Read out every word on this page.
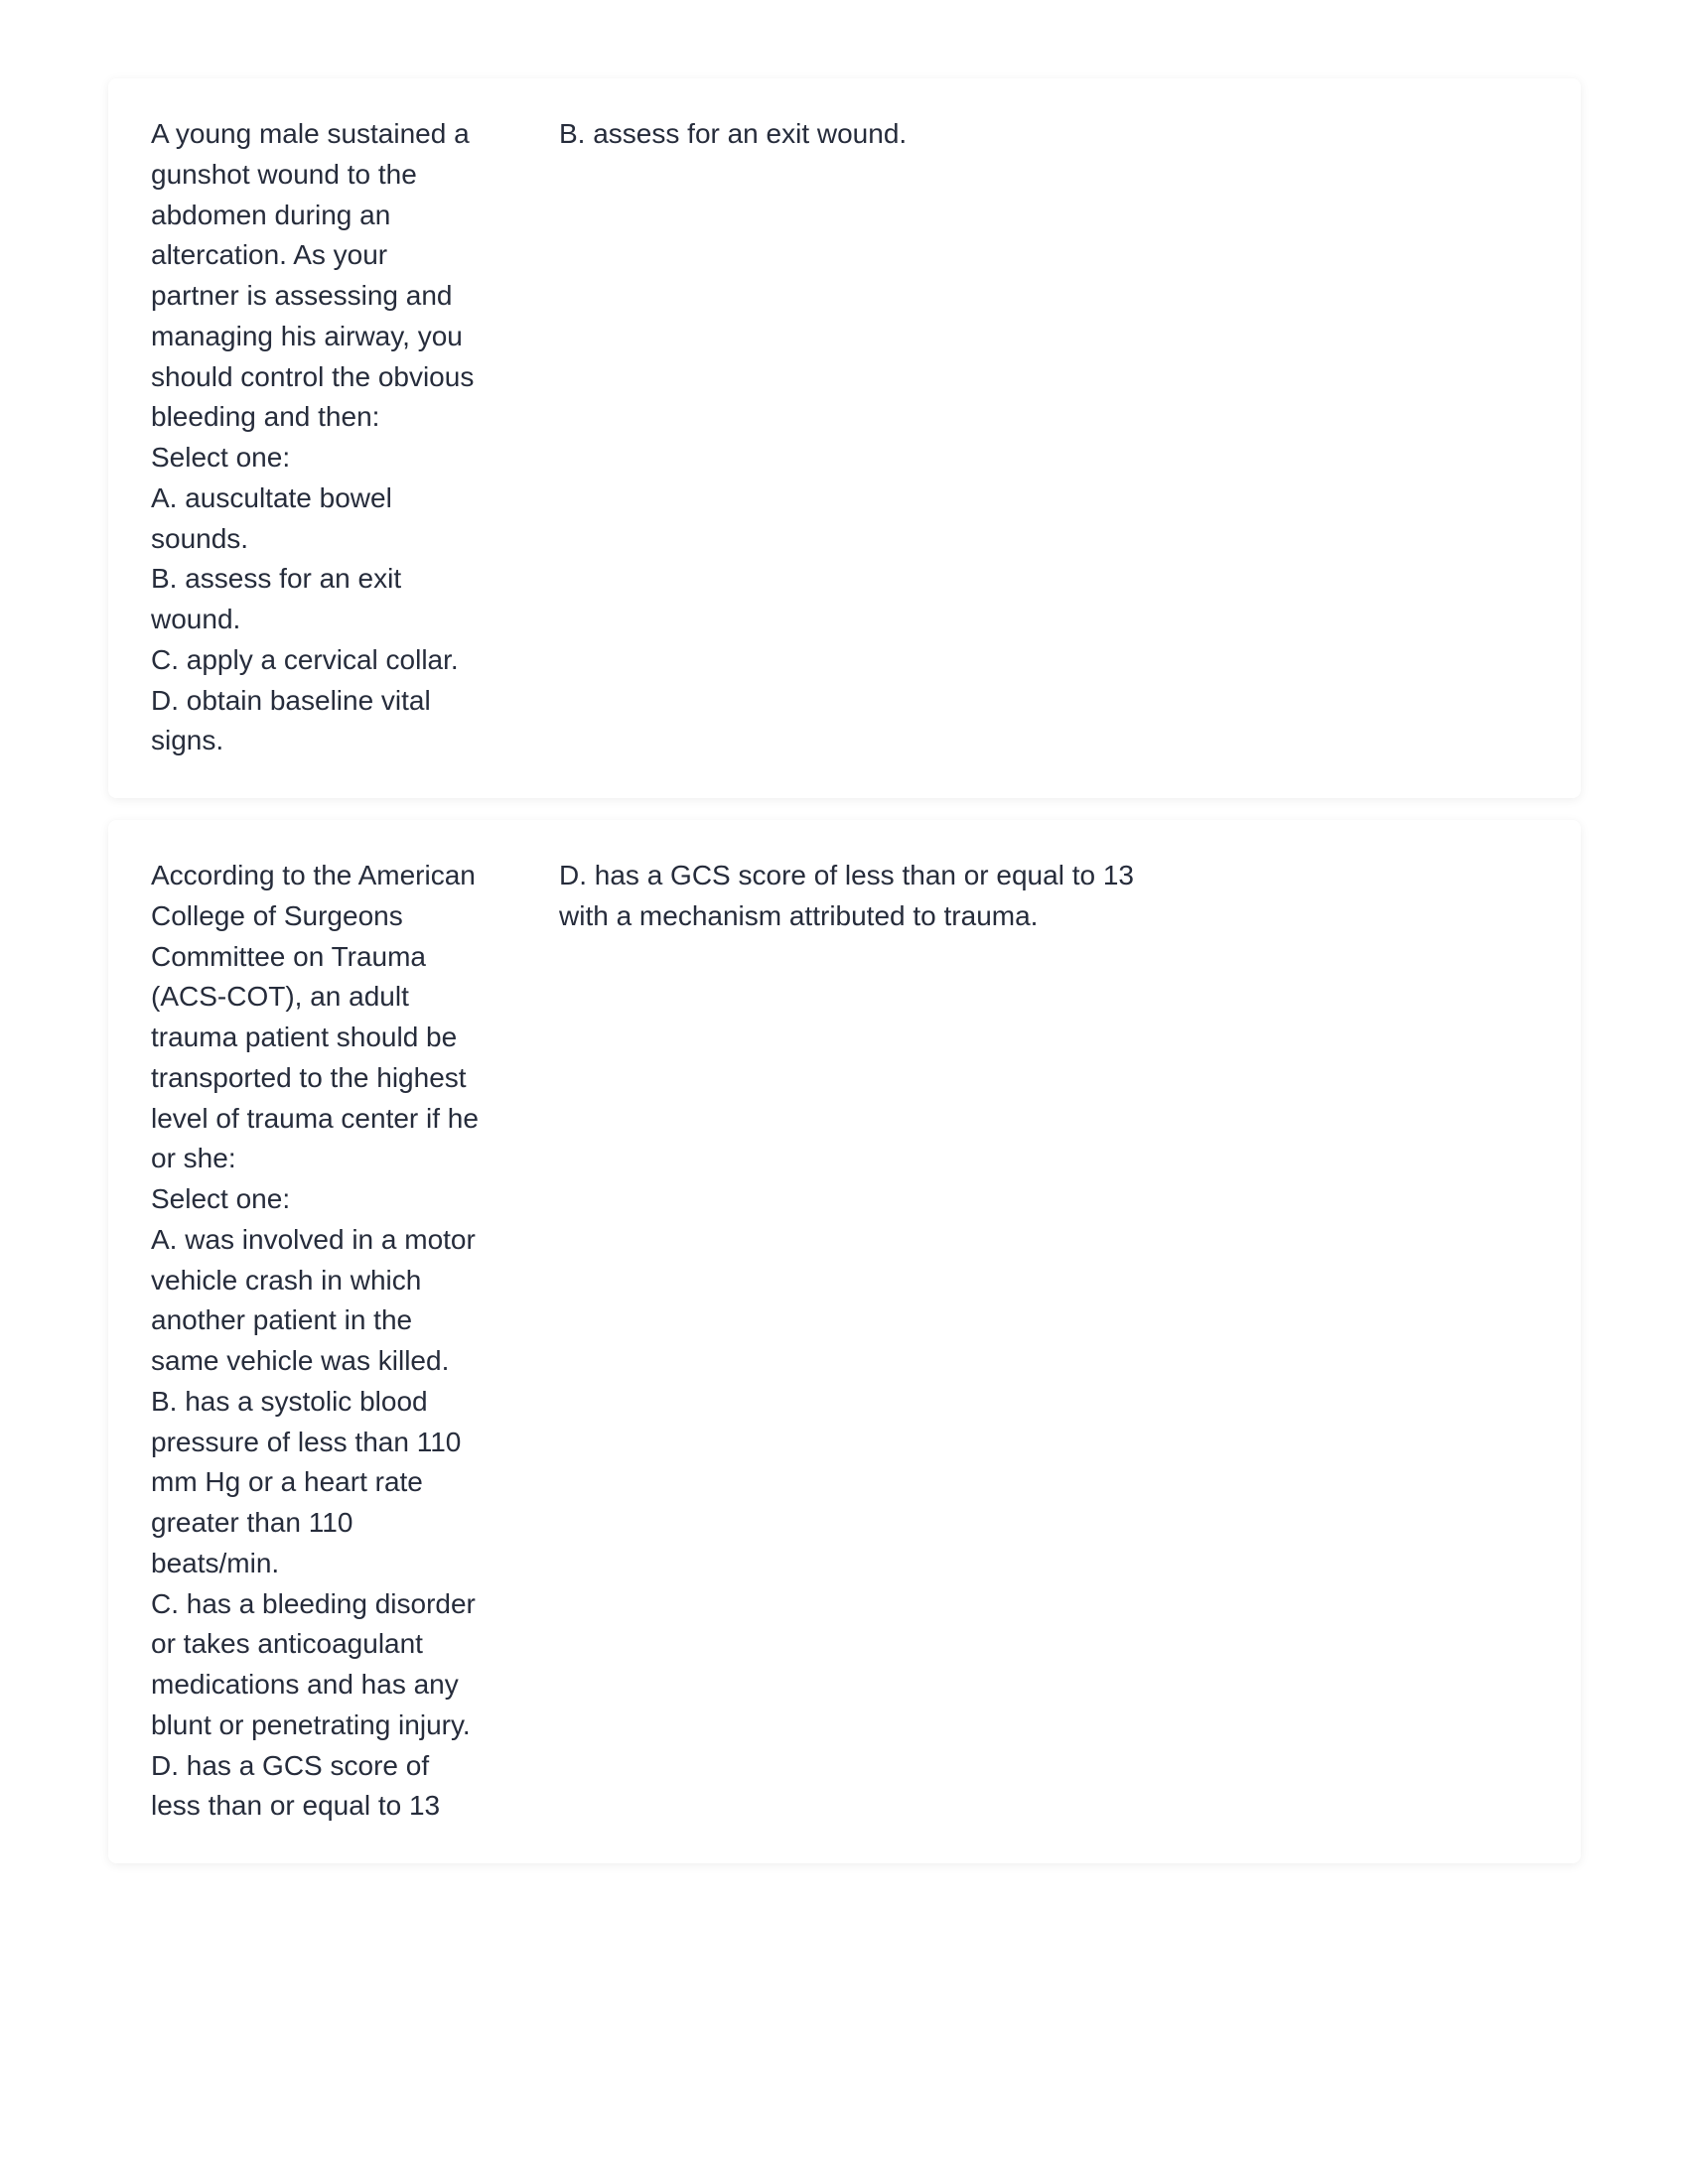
A young male sustained a gunshot wound to the abdomen during an altercation. As your partner is assessing and managing his airway, you should control the obvious bleeding and then:
Select one:
A. auscultate bowel sounds.
B. assess for an exit wound.
C. apply a cervical collar.
D. obtain baseline vital signs.
B. assess for an exit wound.
According to the American College of Surgeons Committee on Trauma (ACS-COT), an adult trauma patient should be transported to the highest level of trauma center if he or she:
Select one:
A. was involved in a motor vehicle crash in which another patient in the same vehicle was killed.
B. has a systolic blood pressure of less than 110 mm Hg or a heart rate greater than 110 beats/min.
C. has a bleeding disorder or takes anticoagulant medications and has any blunt or penetrating injury.
D. has a GCS score of less than or equal to 13
D. has a GCS score of less than or equal to 13 with a mechanism attributed to trauma.
